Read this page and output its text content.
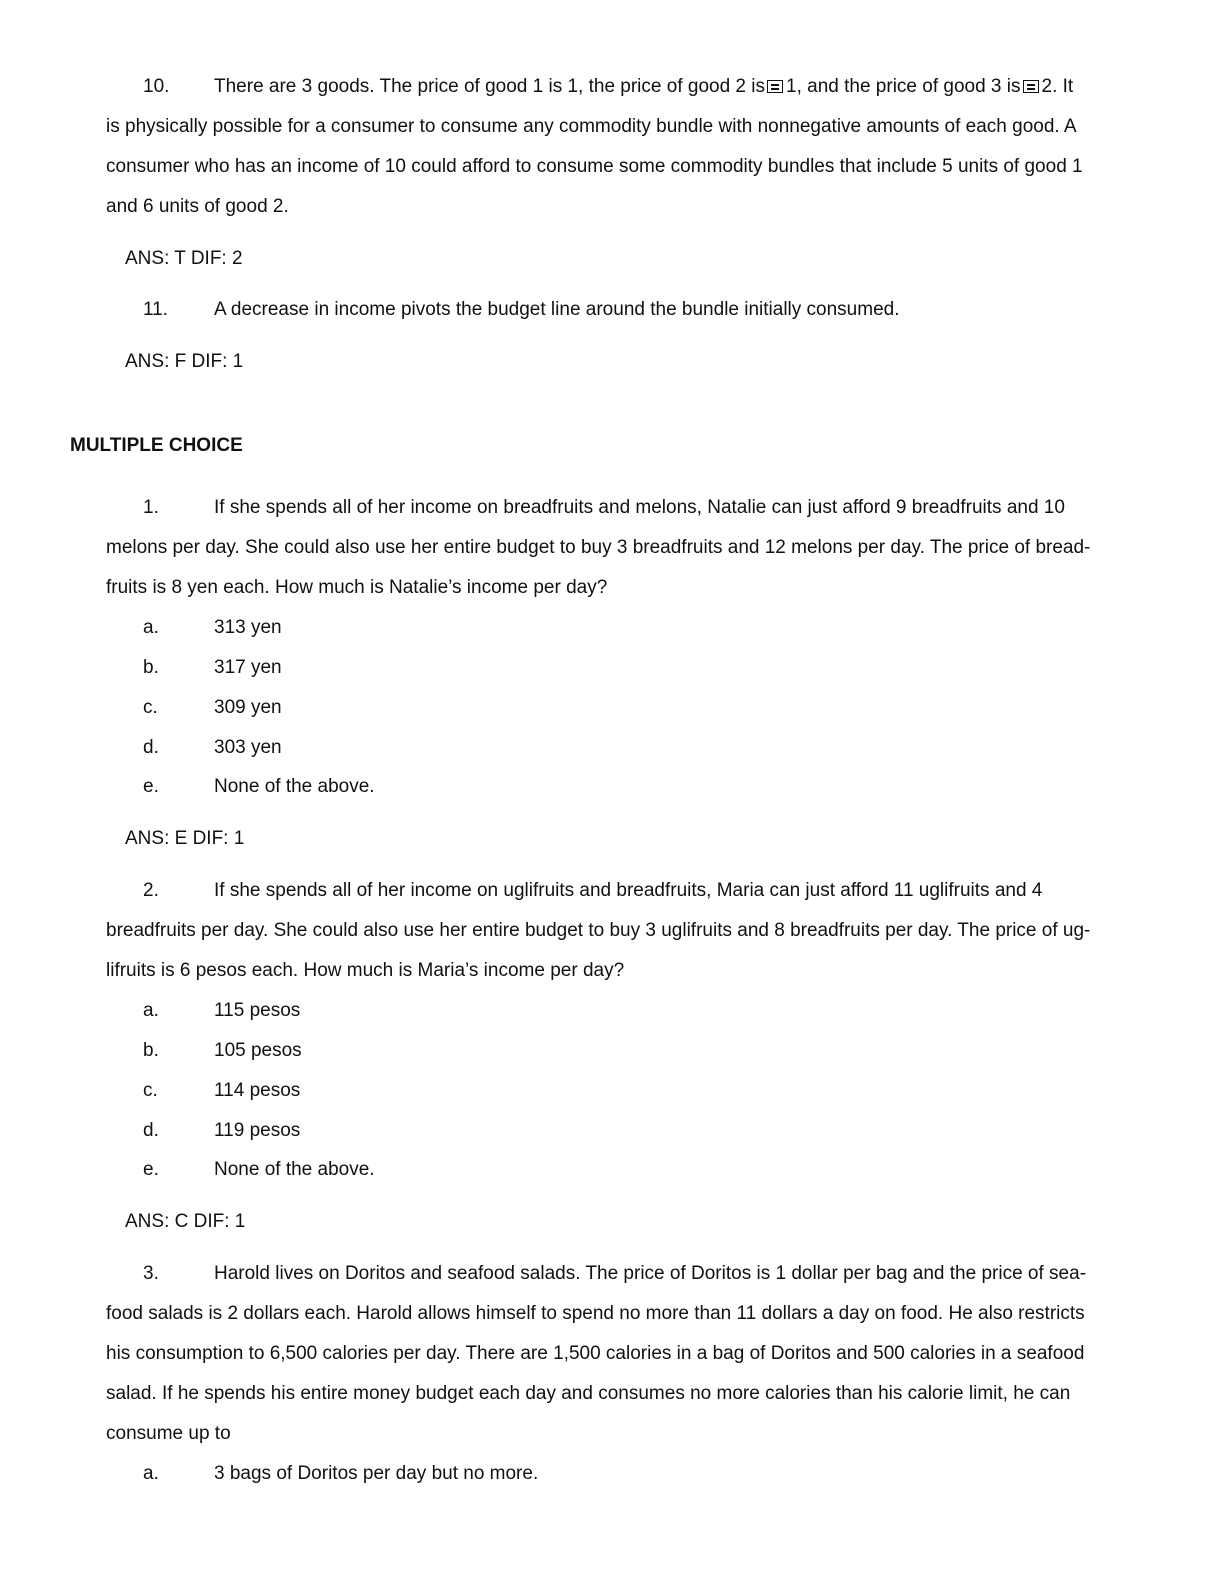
10. There are 3 goods. The price of good 1 is 1, the price of good 2 is 1, and the price of good 3 is 2. It
is physically possible for a consumer to consume any commodity bundle with nonnegative amounts of each good. A
consumer who has an income of 10 could afford to consume some commodity bundles that include 5 units of good 1
and 6 units of good 2.
ANS: T DIF: 2
11. A decrease in income pivots the budget line around the bundle initially consumed.
ANS: F DIF: 1
MULTIPLE CHOICE
1.	If she spends all of her income on breadfruits and melons, Natalie can just afford 9 breadfruits and 10
melons per day. She could also use her entire budget to buy 3 breadfruits and 12 melons per day. The price of bread-
fruits is 8 yen each. How much is Natalie’s income per day?
a.	313 yen
b.	317 yen
c.	309 yen
d.	303 yen
e.	None of the above.
ANS: E DIF: 1
2.	If she spends all of her income on uglifruits and breadfruits, Maria can just afford 11 uglifruits and 4
breadfruits per day. She could also use her entire budget to buy 3 uglifruits and 8 breadfruits per day. The price of ug-
lifruits is 6 pesos each. How much is Maria’s income per day?
a.	115 pesos
b.	105 pesos
c.	114 pesos
d.	119 pesos
e.	None of the above.
ANS: C DIF: 1
3.	Harold lives on Doritos and seafood salads. The price of Doritos is 1 dollar per bag and the price of sea-
food salads is 2 dollars each. Harold allows himself to spend no more than 11 dollars a day on food. He also restricts
his consumption to 6,500 calories per day. There are 1,500 calories in a bag of Doritos and 500 calories in a seafood
salad. If he spends his entire money budget each day and consumes no more calories than his calorie limit, he can
consume up to
a.	3 bags of Doritos per day but no more.
